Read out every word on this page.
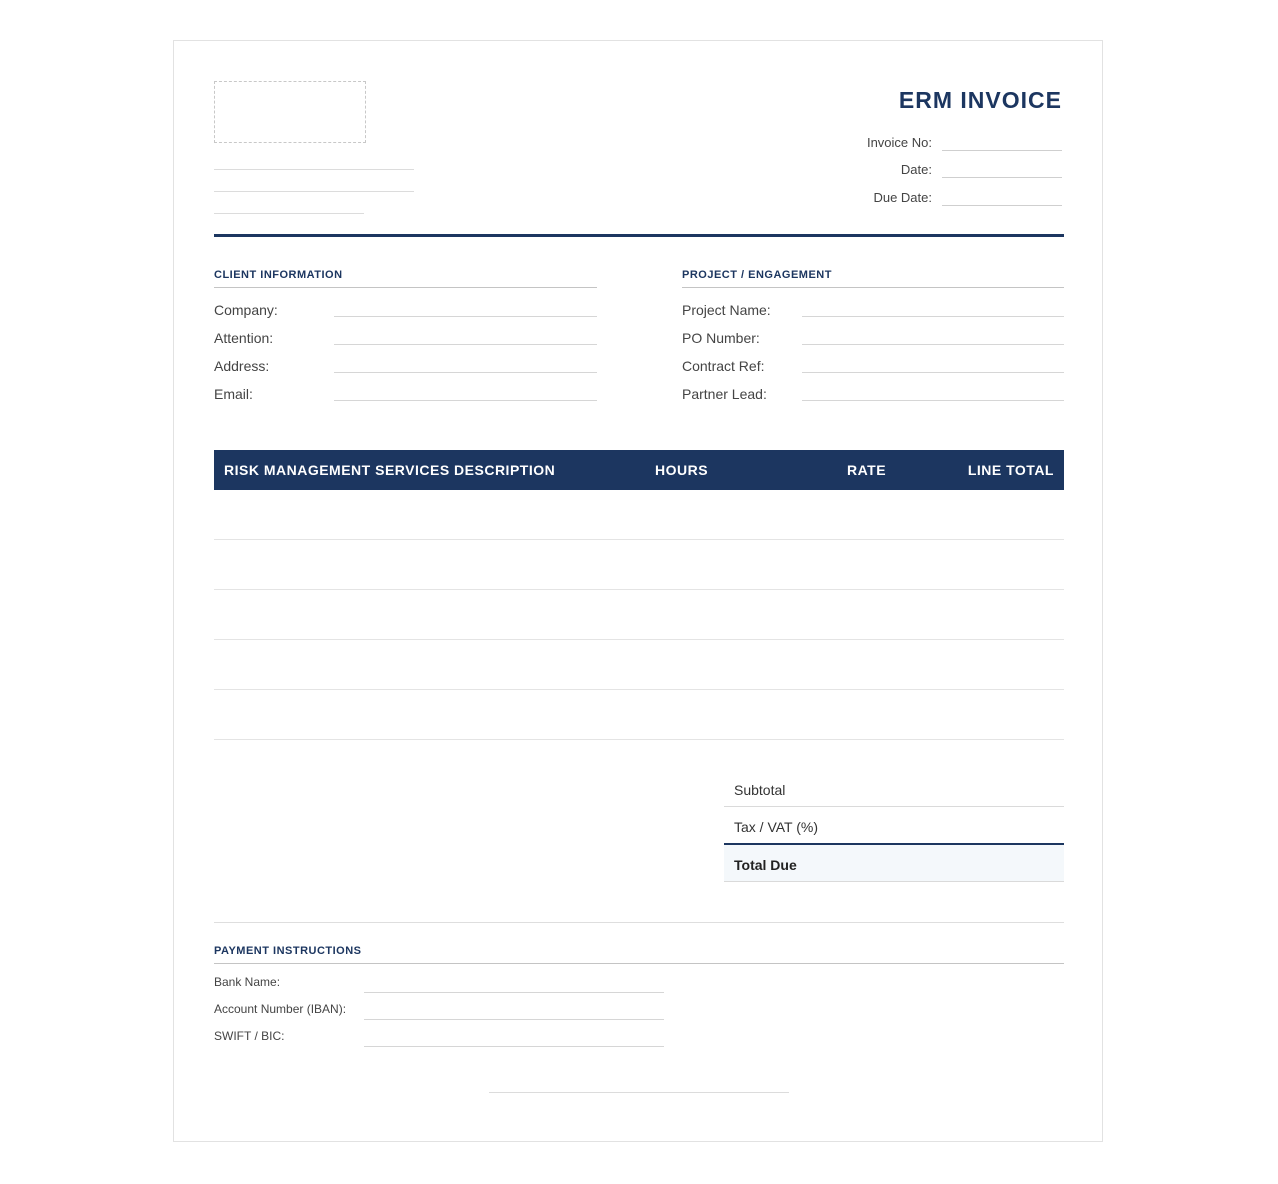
ERM INVOICE
Invoice No:
Date:
Due Date:
CLIENT INFORMATION
Company:
Attention:
Address:
Email:
PROJECT / ENGAGEMENT
Project Name:
PO Number:
Contract Ref:
Partner Lead:
RISK MANAGEMENT SERVICES DESCRIPTION	HOURS	RATE	LINE TOTAL
Subtotal
Tax / VAT (%)
Total Due
PAYMENT INSTRUCTIONS
Bank Name:
Account Number (IBAN):
SWIFT / BIC:
